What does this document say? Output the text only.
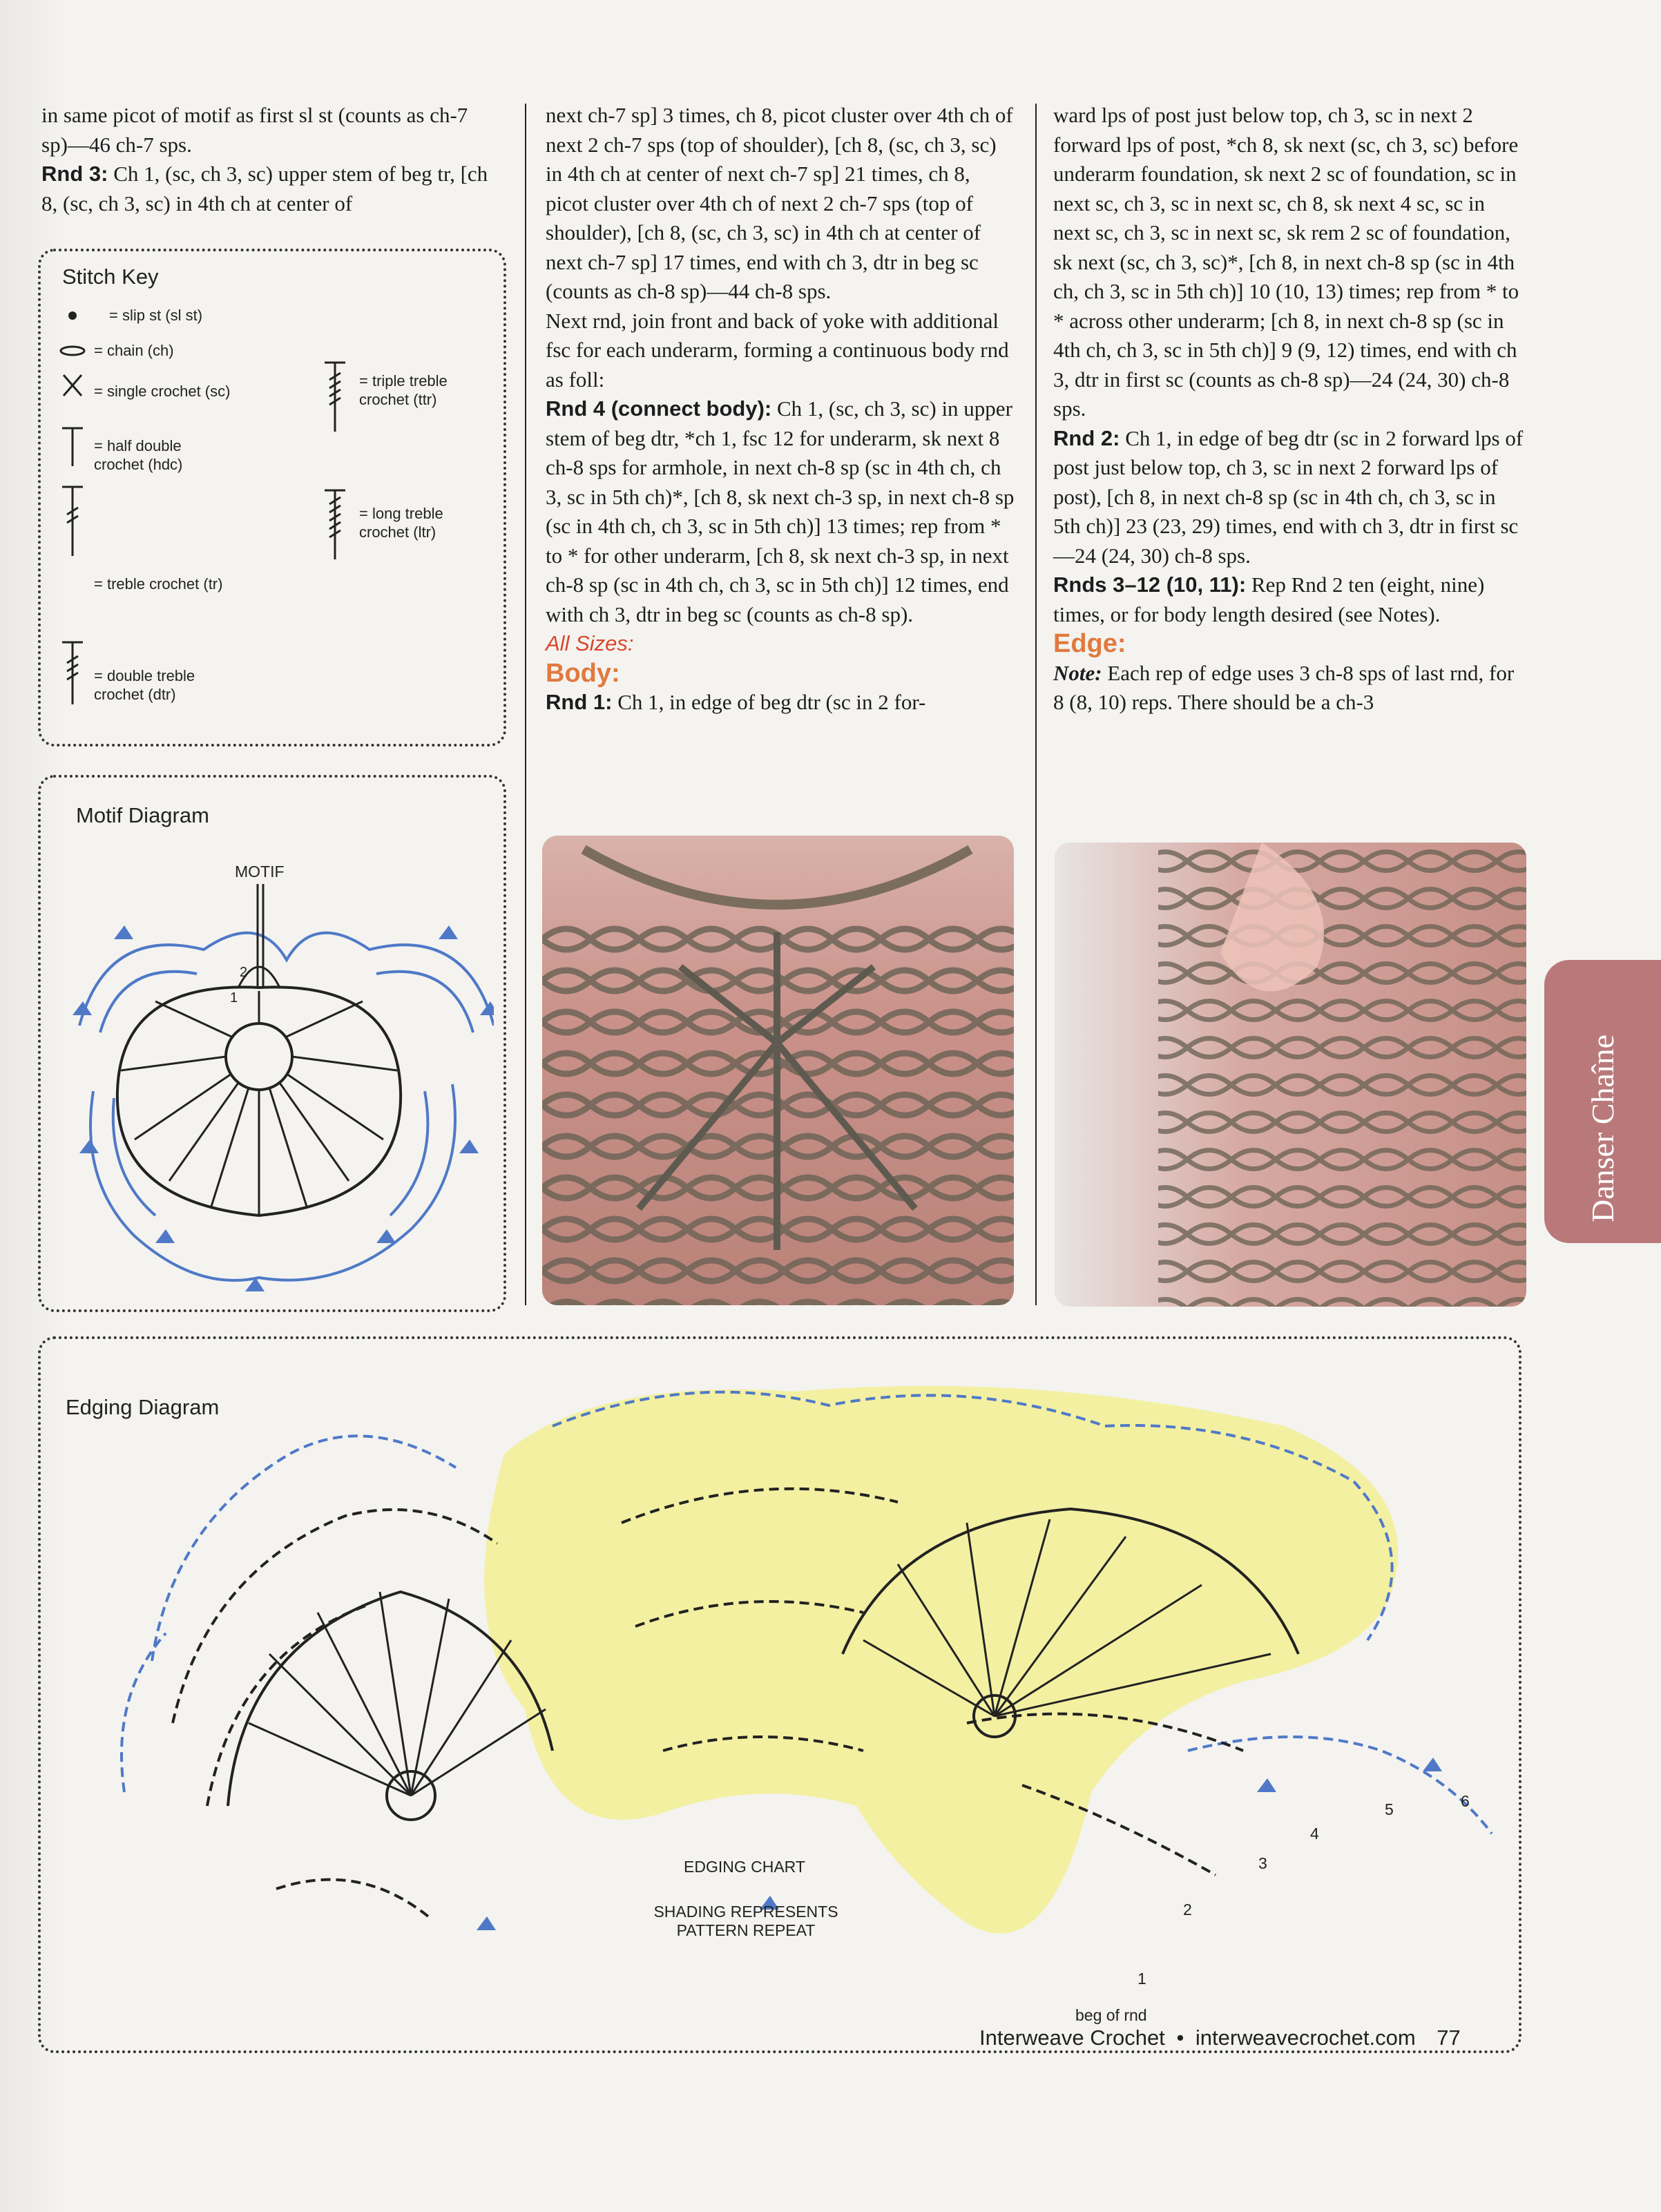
in same picot of motif as first sl st (counts as ch-7 sp)—46 ch-7 sps.

Rnd 3: Ch 1, (sc, ch 3, sc) upper stem of beg tr, [ch 8, (sc, ch 3, sc) in 4th ch at center of

Stitch Key
= slip st (sl st)
= chain (ch)
= single crochet (sc)
= half double crochet (hdc)
= treble crochet (tr)
= double treble crochet (dtr)
= triple treble crochet (ttr)
= long treble crochet (ltr)
Motif Diagram
MOTIF
1
2

next ch-7 sp] 3 times, ch 8, picot cluster over 4th ch of next 2 ch-7 sps (top of shoulder), [ch 8, (sc, ch 3, sc) in 4th ch at center of next ch-7 sp] 21 times, ch 8, picot cluster over 4th ch of next 2 ch-7 sps (top of shoulder), [ch 8, (sc, ch 3, sc) in 4th ch at center of next ch-7 sp] 17 times, end with ch 3, dtr in beg sc (counts as ch-8 sp)—44 ch-8 sps.

Next rnd, join front and back of yoke with additional fsc for each underarm, forming a continuous body rnd as foll:

Rnd 4 (connect body): Ch 1, (sc, ch 3, sc) in upper stem of beg dtr, *ch 1, fsc 12 for underarm, sk next 8 ch-8 sps for armhole, in next ch-8 sp (sc in 4th ch, ch 3, sc in 5th ch)*, [ch 8, sk next ch-3 sp, in next ch-8 sp (sc in 4th ch, ch 3, sc in 5th ch)] 13 times; rep from * to * for other underarm, [ch 8, sk next ch-3 sp, in next ch-8 sp (sc in 4th ch, ch 3, sc in 5th ch)] 12 times, end with ch 3, dtr in beg sc (counts as ch-8 sp).

All Sizes:

Body:

Rnd 1: Ch 1, in edge of beg dtr (sc in 2 for-

ward lps of post just below top, ch 3, sc in next 2 forward lps of post, *ch 8, sk next (sc, ch 3, sc) before underarm foundation, sk next 2 sc of foundation, sc in next sc, ch 3, sc in next sc, ch 8, sk next 4 sc, sc in next sc, ch 3, sc in next sc, sk rem 2 sc of foundation, sk next (sc, ch 3, sc)*, [ch 8, in next ch-8 sp (sc in 4th ch, ch 3, sc in 5th ch)] 10 (10, 13) times; rep from * to * across other underarm; [ch 8, in next ch-8 sp (sc in 4th ch, ch 3, sc in 5th ch)] 9 (9, 12) times, end with ch 3, dtr in first sc (counts as ch-8 sp)—24 (24, 30) ch-8 sps.

Rnd 2: Ch 1, in edge of beg dtr (sc in 2 forward lps of post just below top, ch 3, sc in next 2 forward lps of post), [ch 8, in next ch-8 sp (sc in 4th ch, ch 3, sc in 5th ch)] 23 (23, 29) times, end with ch 3, dtr in first sc—24 (24, 30) ch-8 sps.

Rnds 3–12 (10, 11): Rep Rnd 2 ten (eight, nine) times, or for body length desired (see Notes).

Edge:

Note: Each rep of edge uses 3 ch-8 sps of last rnd, for 8 (8, 10) reps. There should be a ch-3

Edging Diagram
EDGING CHART
SHADING REPRESENTS PATTERN REPEAT
beg of rnd
1
2
3
4
5	6
Danser Chaîne
Interweave Crochet • interweavecrochet.com 77
